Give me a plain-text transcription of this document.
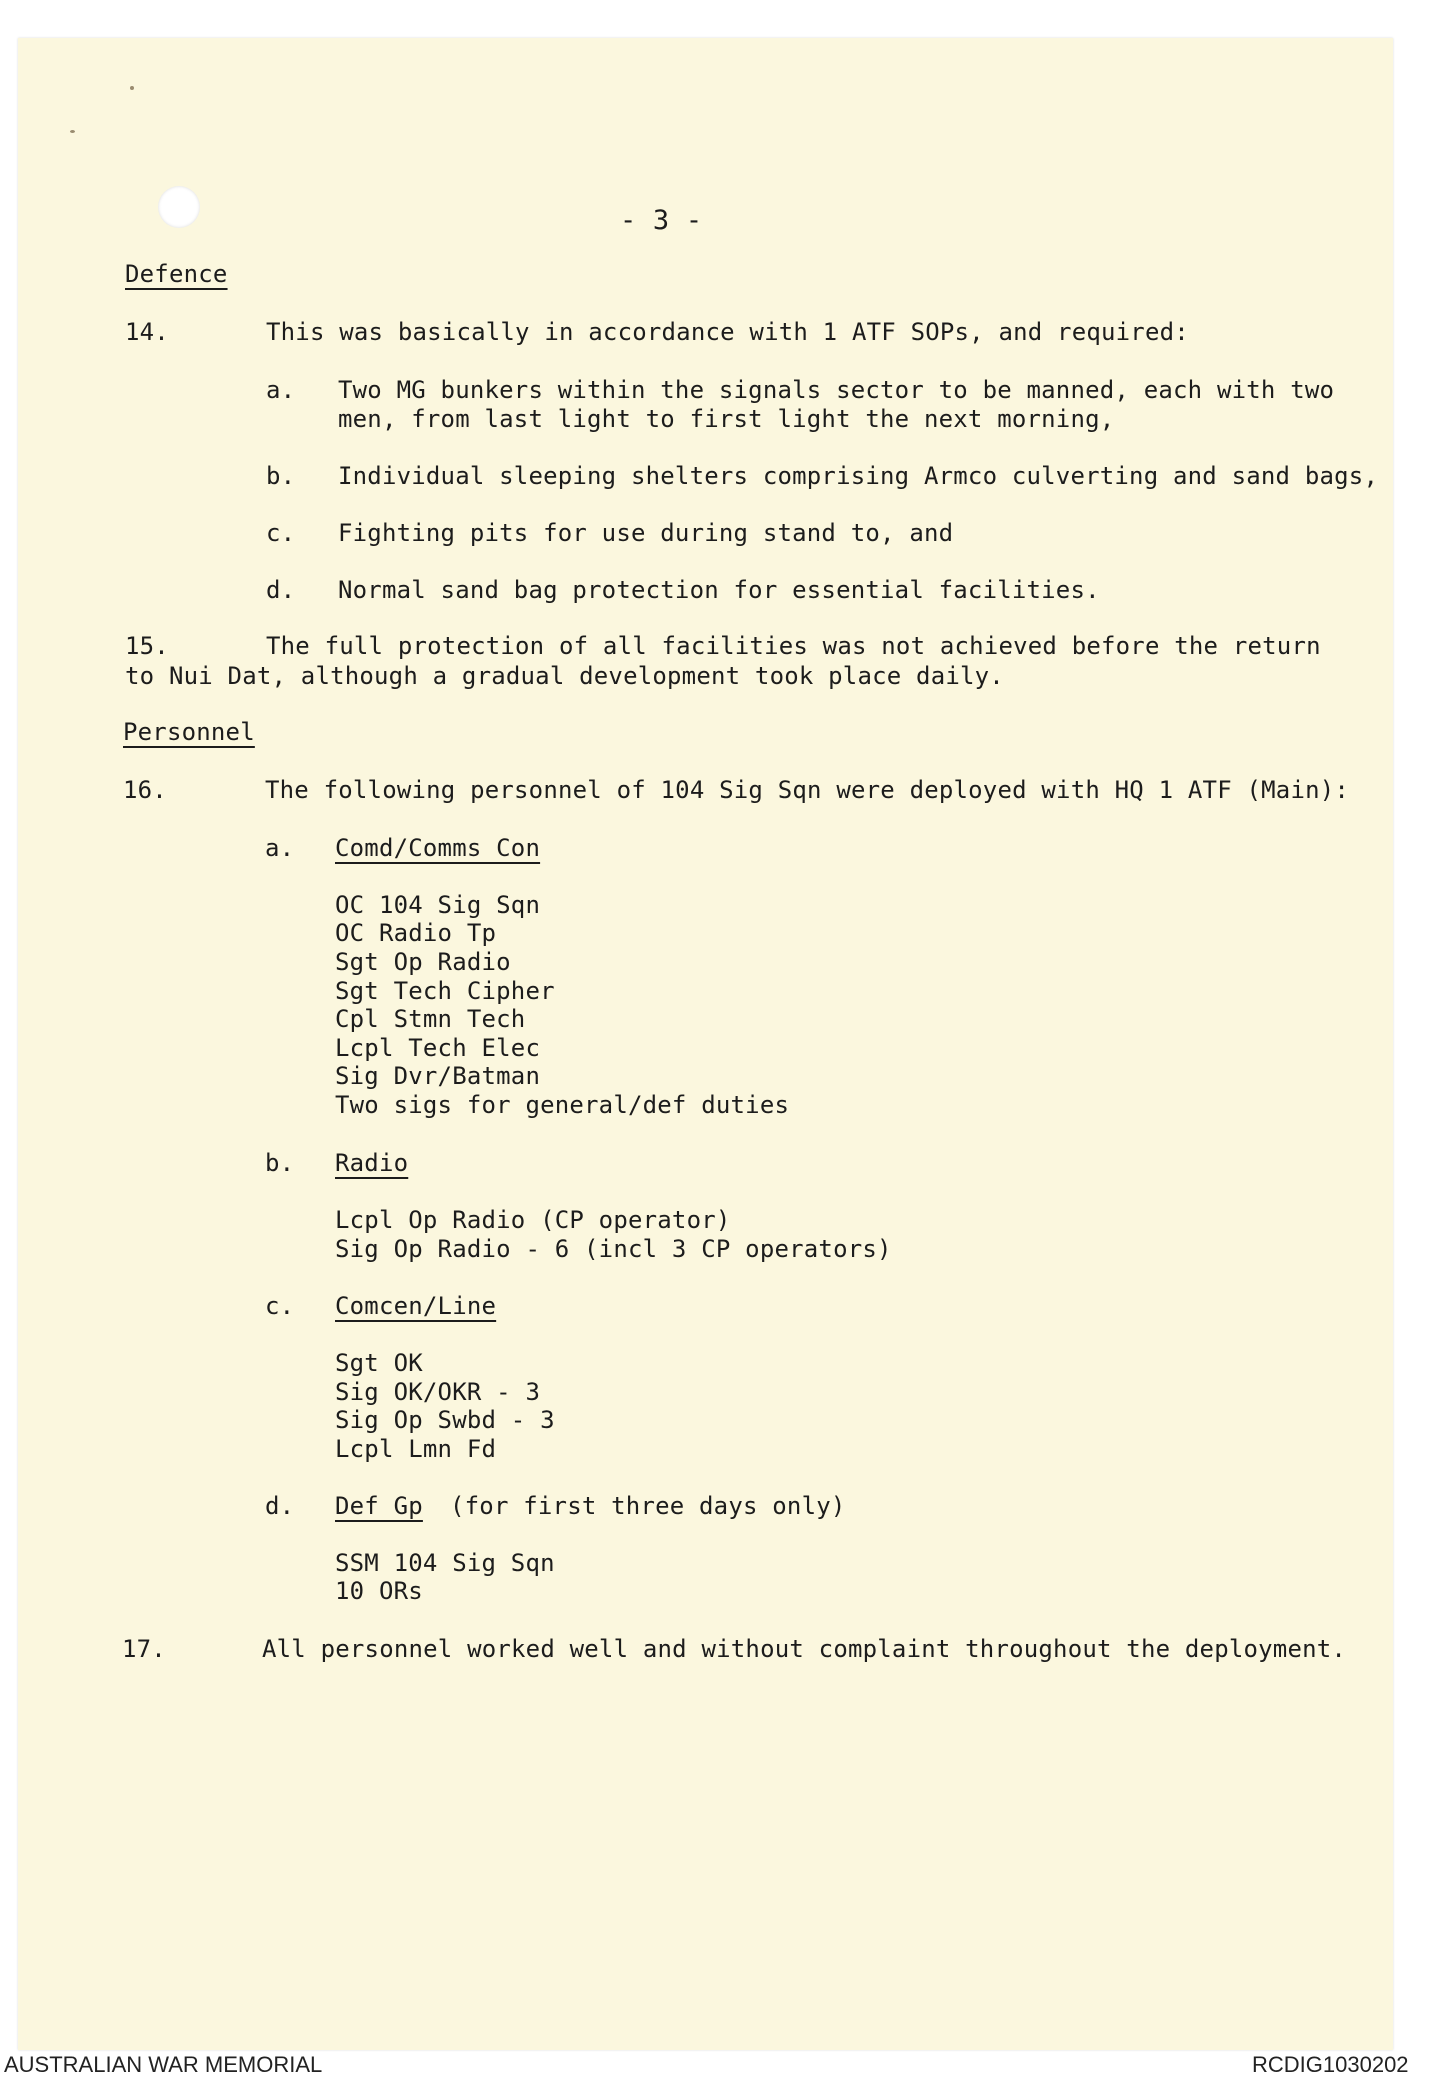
- 3 -
Defence
14.	This was basically in accordance with 1 ATF SOPs, and required:
a. Two MG bunkers within the signals sector to be manned, each with two
men, from last light to first light the next morning,
b. Individual sleeping shelters comprising Armco culverting and sand bags,
c. Fighting pits for use during stand to, and
d. Normal sand bag protection for essential facilities.
15.	The full protection of all facilities was not achieved before the return
to Nui Dat, although a gradual development took place daily.
Personnel
16.	The following personnel of 104 Sig Sqn were deployed with HQ 1 ATF (Main):
a. Comd/Comms Con
OC 104 Sig Sqn
OC Radio Tp
Sgt Op Radio
Sgt Tech Cipher
Cpl Stmn Tech
Lcpl Tech Elec
Sig Dvr/Batman
Two sigs for general/def duties
b. Radio
Lcpl Op Radio (CP operator)
Sig Op Radio - 6 (incl 3 CP operators)
c. Comcen/Line
Sgt OK
Sig OK/OKR - 3
Sig Op Swbd - 3
Lcpl Lmn Fd
d. Def Gp (for first three days only)
SSM 104 Sig Sqn
10 ORs
17.	All personnel worked well and without complaint throughout the deployment.
AUSTRALIAN WAR MEMORIAL	RCDIG1030202
